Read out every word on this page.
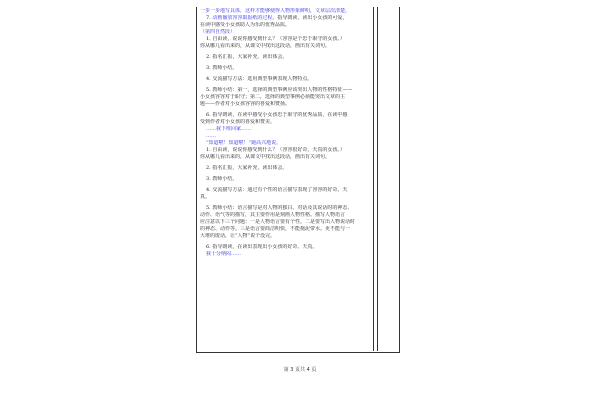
一步一步地写具体，这样才能够使得人物形象鲜明，文章层次清楚。
7. 动画播放容容取报纸的过程。指导朗读，读出小女孩的可爱，
在读中感受小女孩助人为乐的优秀品质。
（第四自然段）
1. 自由读，说说你感受到什么？（容容是个忠于职守的女孩。）
你从哪儿看出来的，从课文中找出这段话，画出有关词句。
2. 指名汇报，大家补充，读出体会。
3. 教师小结。
4. 交流描写方法：选用典型事例表现人物特点。
5. 教师小结：第一，选择的典型事例应该突出人物的性格特征——
小女孩容容对于职守；第二，选择的典型事例必须能突出文章的主
题——作者对小女孩容容的喜爱和赞扬。
6. 指导朗读，在读中感受小女孩忠于职守的优秀品质，在读中感
受到作者对小女孩的喜爱和赞美。
……我下班回家……
……
“知道啦！知道啦！”她高兴地说。
1. 自由读，说说你感受到什么？（容容很好奇，天真的女孩。）
你从哪儿看出来的，从课文中找出这段话，画出有关词句。
2. 指名汇报，大家补充，读出体会。
3. 教师小结。
4. 交流描写方法：通过有个性的语言描写表现了容容的好奇、天
真。
5. 教师小结：语言描写是对人物的独白、对话及其说话时的神态、
动作、语气等的描写，其主要作用是刻画人物性格。描写人物语言
应注意以下三个问题：一是人物语言要有个性。二是要写出人物说话时
的神态、动作等。三是语言要简洁明快，不能拖泥带水。更不能与一
大堆的废话，让“人物”说个没完。
6. 指导朗读，在读出表现出小女孩的好奇、天真。
我十分纳闷……
第 3 页共 4 页
